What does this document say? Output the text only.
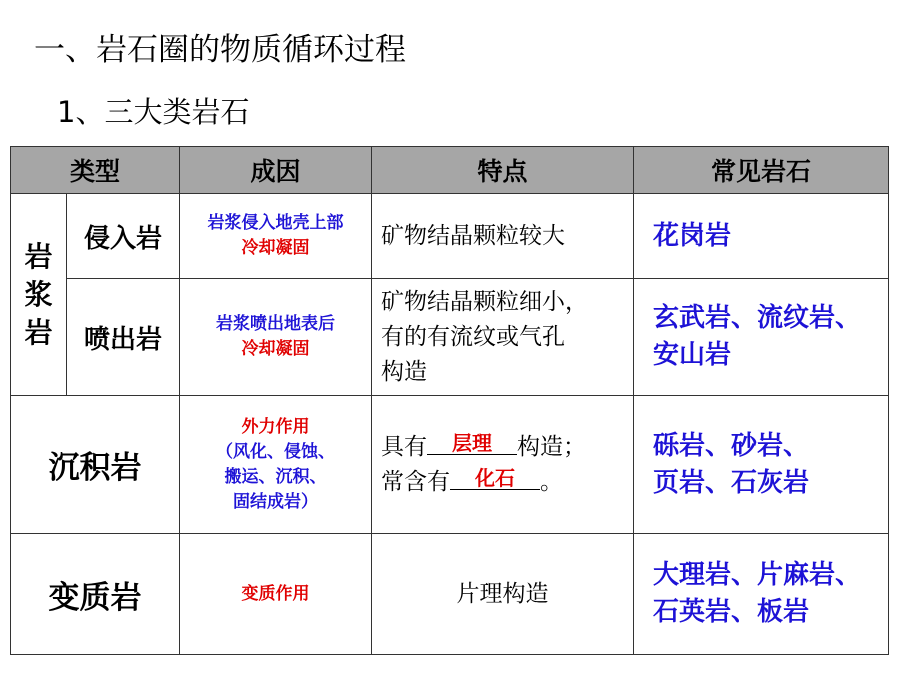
一、岩石圈的物质循环过程
1、三大类岩石
类型		成因	特点	常见岩石

岩
浆
岩	侵入岩	岩浆侵入地壳上部
冷却凝固	矿物结晶颗粒较大	花岗岩

	喷出岩	岩浆喷出地表后
冷却凝固	矿物结晶颗粒细小，
有的有流纹或气孔
构造	玄武岩、流纹岩、
安山岩

沉积岩		外力作用
（风化、侵蚀、
搬运、沉积、
固结成岩）	具有 层理 构造；
常含有 化石 。	砾岩、砂岩、
页岩、石灰岩

变质岩		变质作用	片理构造	大理岩、片麻岩、
石英岩、板岩
